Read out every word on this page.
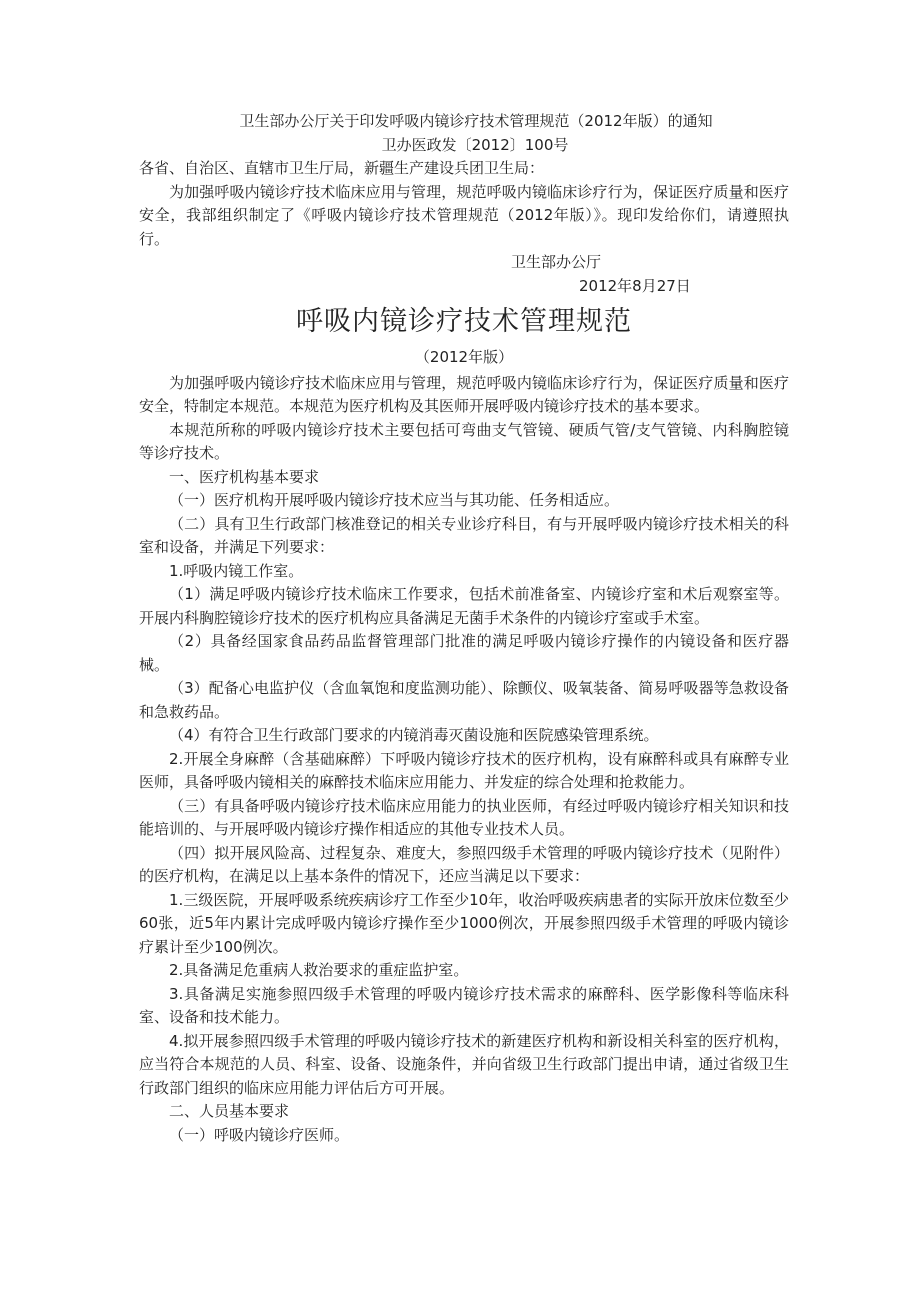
卫生部办公厅关于印发呼吸内镜诊疗技术管理规范（2012年版）的通知

卫办医政发〔2012〕100号

各省、自治区、直辖市卫生厅局，新疆生产建设兵团卫生局：

为加强呼吸内镜诊疗技术临床应用与管理，规范呼吸内镜临床诊疗行为，保证医疗质量和医疗安全，我部组织制定了《呼吸内镜诊疗技术管理规范（2012年版）》。现印发给你们，请遵照执行。

卫生部办公厅

2012年8月27日

呼吸内镜诊疗技术管理规范

（2012年版）

为加强呼吸内镜诊疗技术临床应用与管理，规范呼吸内镜临床诊疗行为，保证医疗质量和医疗安全，特制定本规范。本规范为医疗机构及其医师开展呼吸内镜诊疗技术的基本要求。

本规范所称的呼吸内镜诊疗技术主要包括可弯曲支气管镜、硬质气管/支气管镜、内科胸腔镜等诊疗技术。

一、医疗机构基本要求

（一）医疗机构开展呼吸内镜诊疗技术应当与其功能、任务相适应。

（二）具有卫生行政部门核准登记的相关专业诊疗科目，有与开展呼吸内镜诊疗技术相关的科室和设备，并满足下列要求：

1.呼吸内镜工作室。

（1）满足呼吸内镜诊疗技术临床工作要求，包括术前准备室、内镜诊疗室和术后观察室等。开展内科胸腔镜诊疗技术的医疗机构应具备满足无菌手术条件的内镜诊疗室或手术室。

（2）具备经国家食品药品监督管理部门批准的满足呼吸内镜诊疗操作的内镜设备和医疗器械。

（3）配备心电监护仪（含血氧饱和度监测功能）、除颤仪、吸氧装备、简易呼吸器等急救设备和急救药品。

（4）有符合卫生行政部门要求的内镜消毒灭菌设施和医院感染管理系统。

2.开展全身麻醉（含基础麻醉）下呼吸内镜诊疗技术的医疗机构，设有麻醉科或具有麻醉专业医师，具备呼吸内镜相关的麻醉技术临床应用能力、并发症的综合处理和抢救能力。

（三）有具备呼吸内镜诊疗技术临床应用能力的执业医师，有经过呼吸内镜诊疗相关知识和技能培训的、与开展呼吸内镜诊疗操作相适应的其他专业技术人员。

（四）拟开展风险高、过程复杂、难度大，参照四级手术管理的呼吸内镜诊疗技术（见附件）的医疗机构，在满足以上基本条件的情况下，还应当满足以下要求：

1.三级医院，开展呼吸系统疾病诊疗工作至少10年，收治呼吸疾病患者的实际开放床位数至少60张，近5年内累计完成呼吸内镜诊疗操作至少1000例次，开展参照四级手术管理的呼吸内镜诊疗累计至少100例次。

2.具备满足危重病人救治要求的重症监护室。

3.具备满足实施参照四级手术管理的呼吸内镜诊疗技术需求的麻醉科、医学影像科等临床科室、设备和技术能力。

4.拟开展参照四级手术管理的呼吸内镜诊疗技术的新建医疗机构和新设相关科室的医疗机构，应当符合本规范的人员、科室、设备、设施条件，并向省级卫生行政部门提出申请，通过省级卫生行政部门组织的临床应用能力评估后方可开展。

二、人员基本要求

（一）呼吸内镜诊疗医师。
